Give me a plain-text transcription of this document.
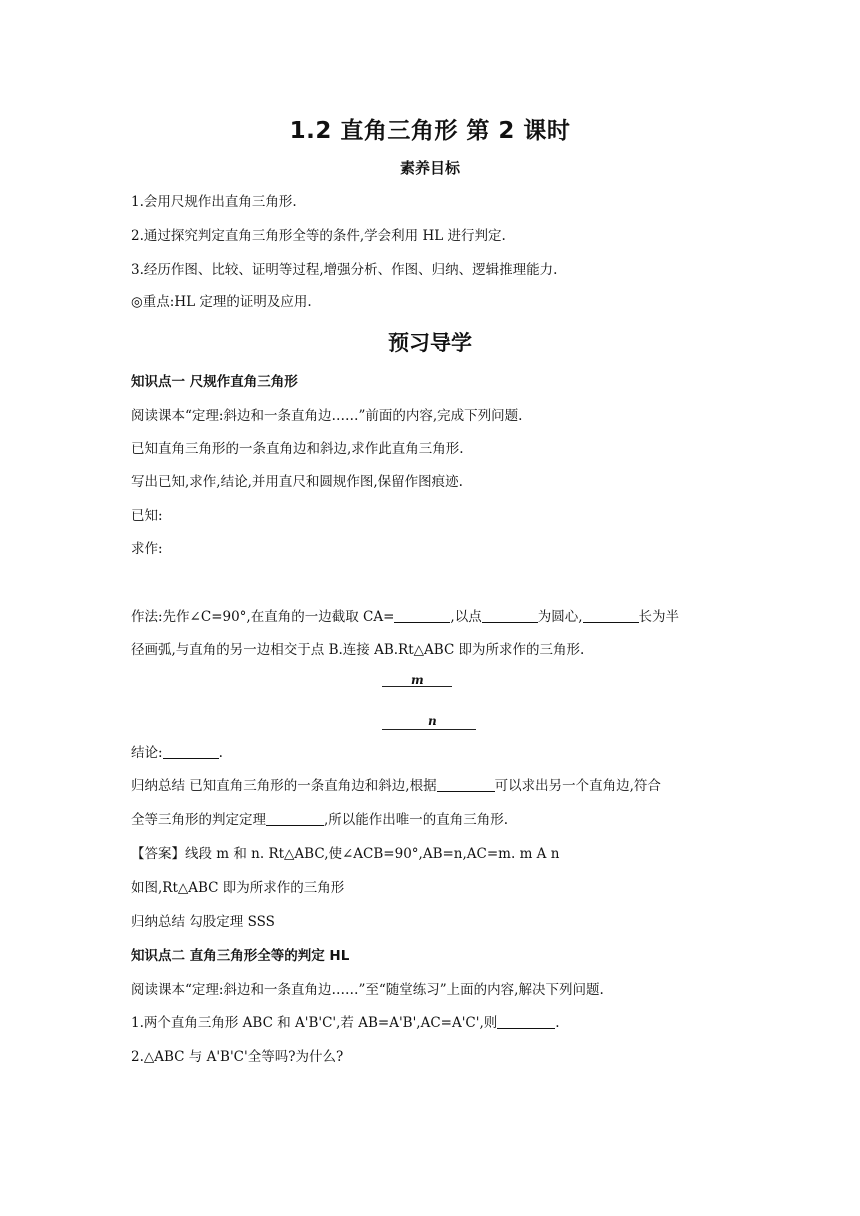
1.2 直角三角形 第 2 课时
素养目标
1.会用尺规作出直角三角形.
2.通过探究判定直角三角形全等的条件,学会利用 HL 进行判定.
3.经历作图、比较、证明等过程,增强分析、作图、归纳、逻辑推理能力.
◎重点:HL 定理的证明及应用.
预习导学
知识点一 尺规作直角三角形
阅读课本“定理:斜边和一条直角边……”前面的内容,完成下列问题.
已知直角三角形的一条直角边和斜边,求作此直角三角形.
写出已知,求作,结论,并用直尺和圆规作图,保留作图痕迹.
已知:
求作:
作法:先作∠C=90°,在直角的一边截取 CA=	,以点	为圆心,	长为半
径画弧,与直角的另一边相交于点 B.连接 AB.Rt△ABC 即为所求作的三角形.
m
n
结论:	.
归纳总结 已知直角三角形的一条直角边和斜边,根据	可以求出另一个直角边,符合
全等三角形的判定定理	,所以能作出唯一的直角三角形.
【答案】线段 m 和 n. Rt△ABC,使∠ACB=90°,AB=n,AC=m. m A n
如图,Rt△ABC 即为所求作的三角形
归纳总结 勾股定理 SSS
知识点二 直角三角形全等的判定 HL
阅读课本“定理:斜边和一条直角边……”至“随堂练习”上面的内容,解决下列问题.
1.两个直角三角形 ABC 和 A'B'C',若 AB=A'B',AC=A'C',则	.
2.△ABC 与 A'B'C'全等吗?为什么?
